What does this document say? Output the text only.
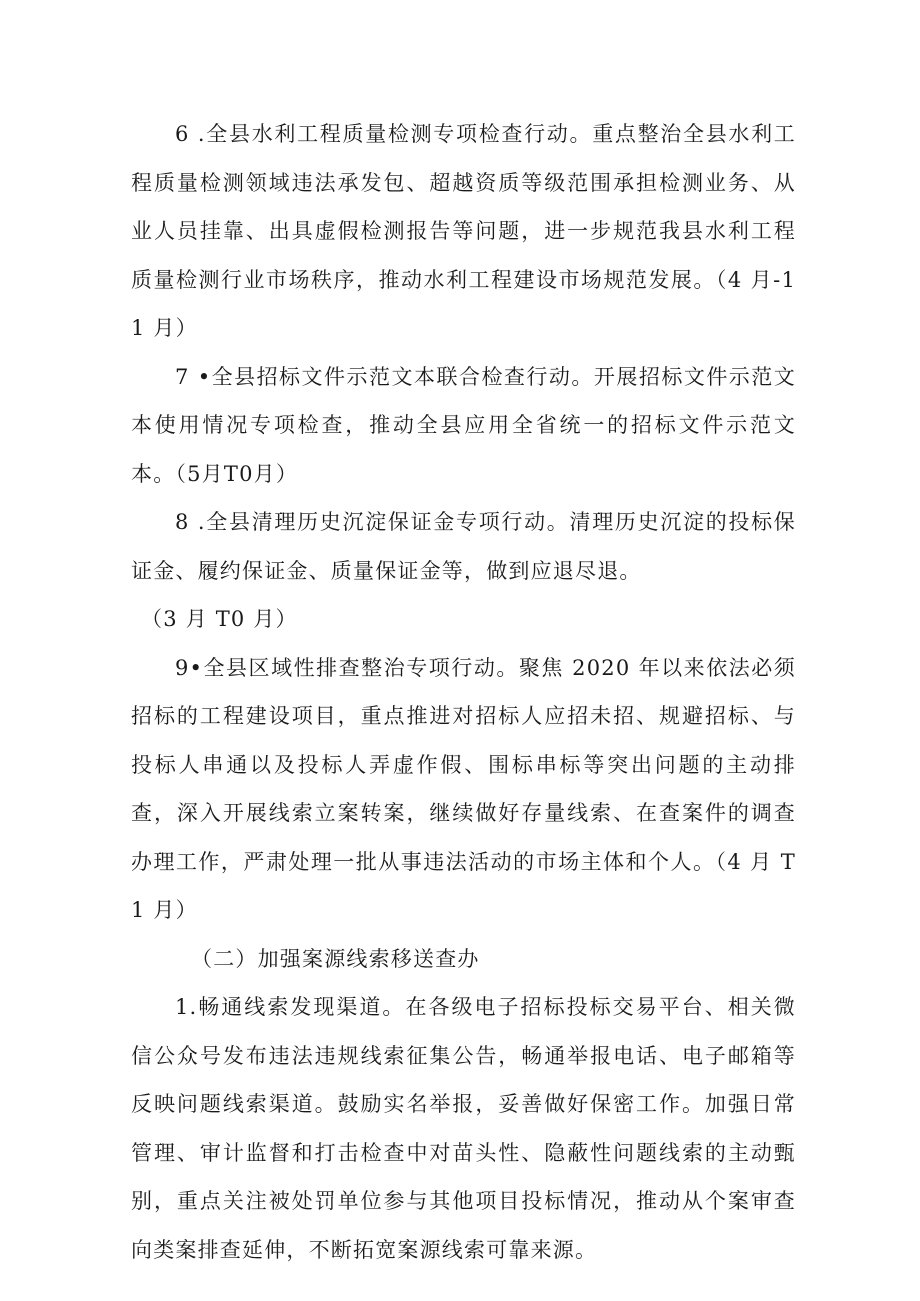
6 .全县水利工程质量检测专项检查行动。重点整治全县水利工程质量检测领域违法承发包、超越资质等级范围承担检测业务、从业人员挂靠、出具虚假检测报告等问题，进一步规范我县水利工程质量检测行业市场秩序，推动水利工程建设市场规范发展。（4 月-11 月）

7 •全县招标文件示范文本联合检查行动。开展招标文件示范文本使用情况专项检查，推动全县应用全省统一的招标文件示范文本。（5月T0月）

8 .全县清理历史沉淀保证金专项行动。清理历史沉淀的投标保证金、履约保证金、质量保证金等，做到应退尽退。

（3 月 T0 月）

9•全县区域性排查整治专项行动。聚焦 2020 年以来依法必须招标的工程建设项目，重点推进对招标人应招未招、规避招标、与投标人串通以及投标人弄虚作假、围标串标等突出问题的主动排查，深入开展线索立案转案，继续做好存量线索、在查案件的调查办理工作，严肃处理一批从事违法活动的市场主体和个人。（4 月 T1 月）

（二）加强案源线索移送查办

1.畅通线索发现渠道。在各级电子招标投标交易平台、相关微信公众号发布违法违规线索征集公告，畅通举报电话、电子邮箱等反映问题线索渠道。鼓励实名举报，妥善做好保密工作。加强日常管理、审计监督和打击检查中对苗头性、隐蔽性问题线索的主动甄别，重点关注被处罚单位参与其他项目投标情况，推动从个案审查向类案排查延伸，不断拓宽案源线索可靠来源。
